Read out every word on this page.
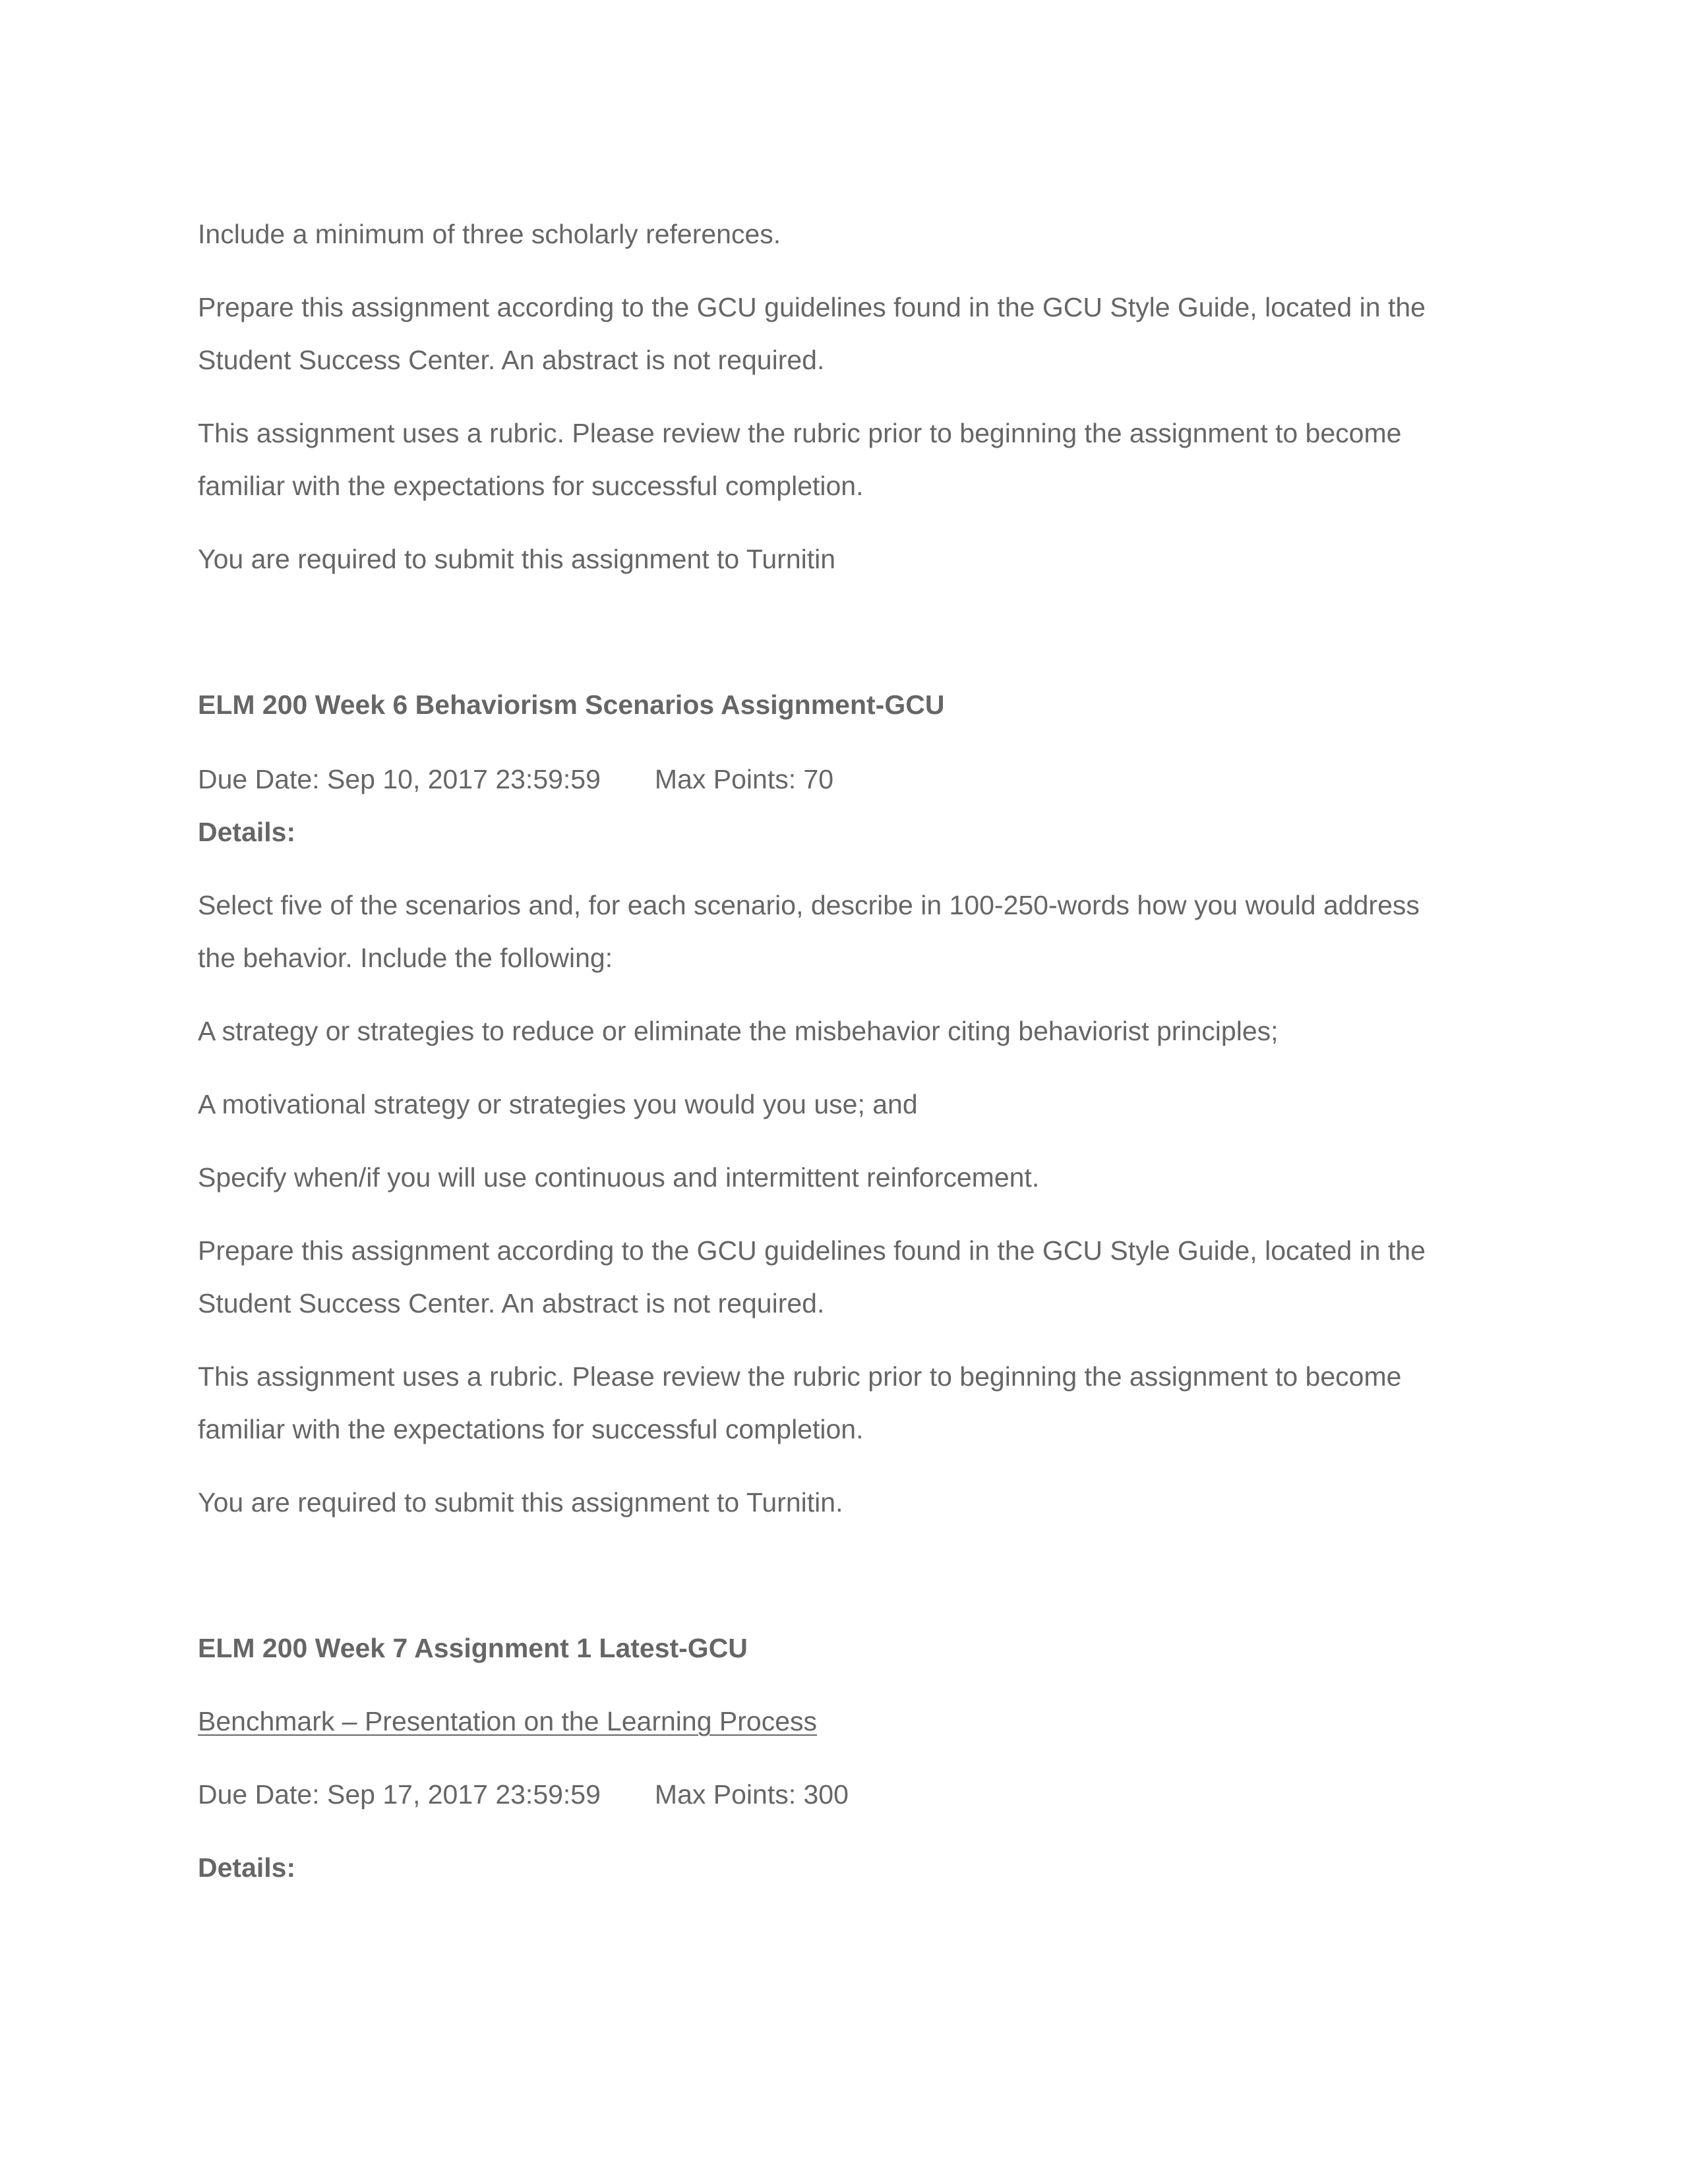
Include a minimum of three scholarly references.
Prepare this assignment according to the GCU guidelines found in the GCU Style Guide, located in the
Student Success Center. An abstract is not required.
This assignment uses a rubric. Please review the rubric prior to beginning the assignment to become
familiar with the expectations for successful completion.
You are required to submit this assignment to Turnitin
ELM 200 Week 6 Behaviorism Scenarios Assignment-GCU
Due Date: Sep 10, 2017 23:59:59 Max Points: 70
Details:
Select five of the scenarios and, for each scenario, describe in 100-250-words how you would address
the behavior. Include the following:
A strategy or strategies to reduce or eliminate the misbehavior citing behaviorist principles;
A motivational strategy or strategies you would you use; and
Specify when/if you will use continuous and intermittent reinforcement.
Prepare this assignment according to the GCU guidelines found in the GCU Style Guide, located in the
Student Success Center. An abstract is not required.
This assignment uses a rubric. Please review the rubric prior to beginning the assignment to become
familiar with the expectations for successful completion.
You are required to submit this assignment to Turnitin.
ELM 200 Week 7 Assignment 1 Latest-GCU
Benchmark – Presentation on the Learning Process
Due Date: Sep 17, 2017 23:59:59 Max Points: 300
Details:
